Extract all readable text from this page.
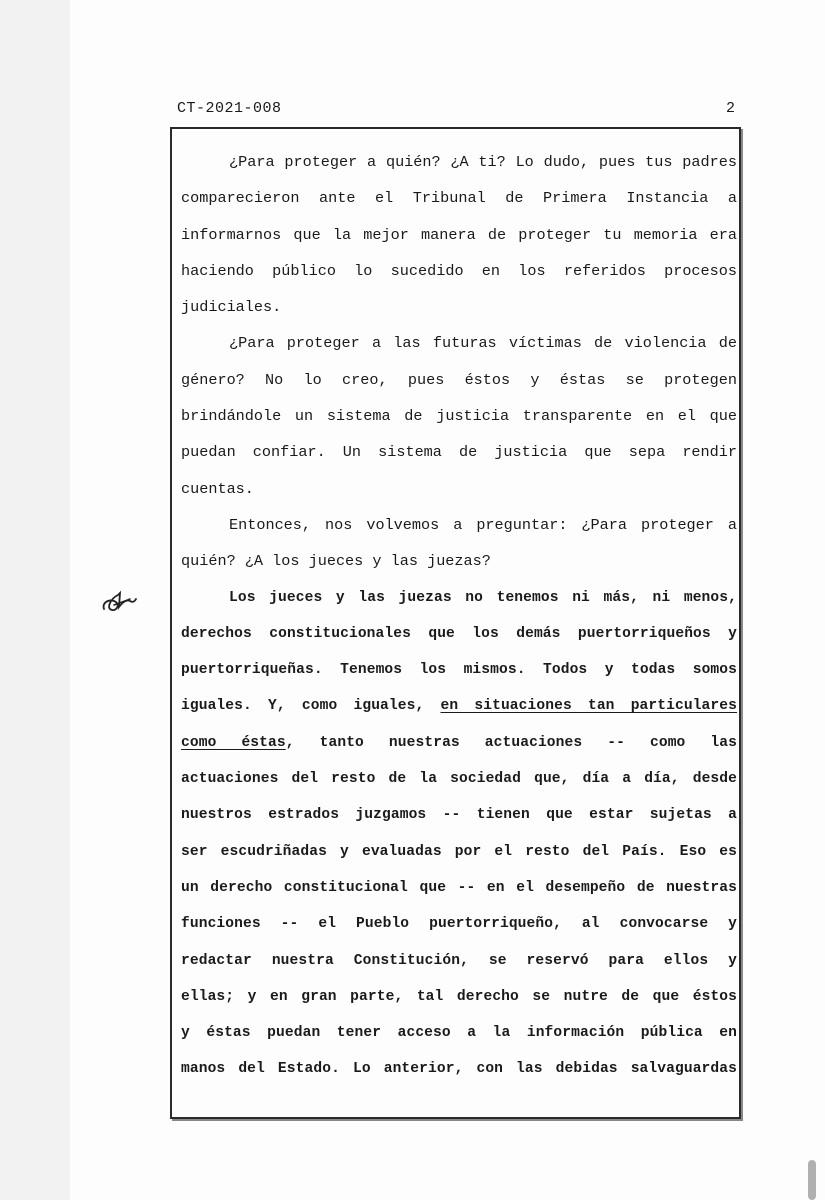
CT-2021-008	2
¿Para proteger a quién? ¿A ti? Lo dudo, pues tus padres
comparecieron ante el Tribunal de Primera Instancia a
informarnos que la mejor manera de proteger tu memoria era
haciendo público lo sucedido en los referidos procesos
judiciales.
¿Para proteger a las futuras víctimas de violencia de
género? No lo creo, pues éstos y éstas se protegen
brindándole un sistema de justicia transparente en el que
puedan confiar. Un sistema de justicia que sepa rendir
cuentas.
Entonces, nos volvemos a preguntar: ¿Para proteger a
quién? ¿A los jueces y las juezas?
Los jueces y las juezas no tenemos ni más, ni menos,
derechos constitucionales que los demás puertorriqueños y
puertorriqueñas. Tenemos los mismos. Todos y todas somos
iguales. Y, como iguales, en situaciones tan particulares
como éstas, tanto nuestras actuaciones -- como las
actuaciones del resto de la sociedad que, día a día, desde
nuestros estrados juzgamos -- tienen que estar sujetas a
ser escudriñadas y evaluadas por el resto del País. Eso es
un derecho constitucional que -- en el desempeño de nuestras
funciones -- el Pueblo puertorriqueño, al convocarse y
redactar nuestra Constitución, se reservó para ellos y
ellas; y en gran parte, tal derecho se nutre de que éstos
y éstas puedan tener acceso a la información pública en
manos del Estado. Lo anterior, con las debidas salvaguardas
